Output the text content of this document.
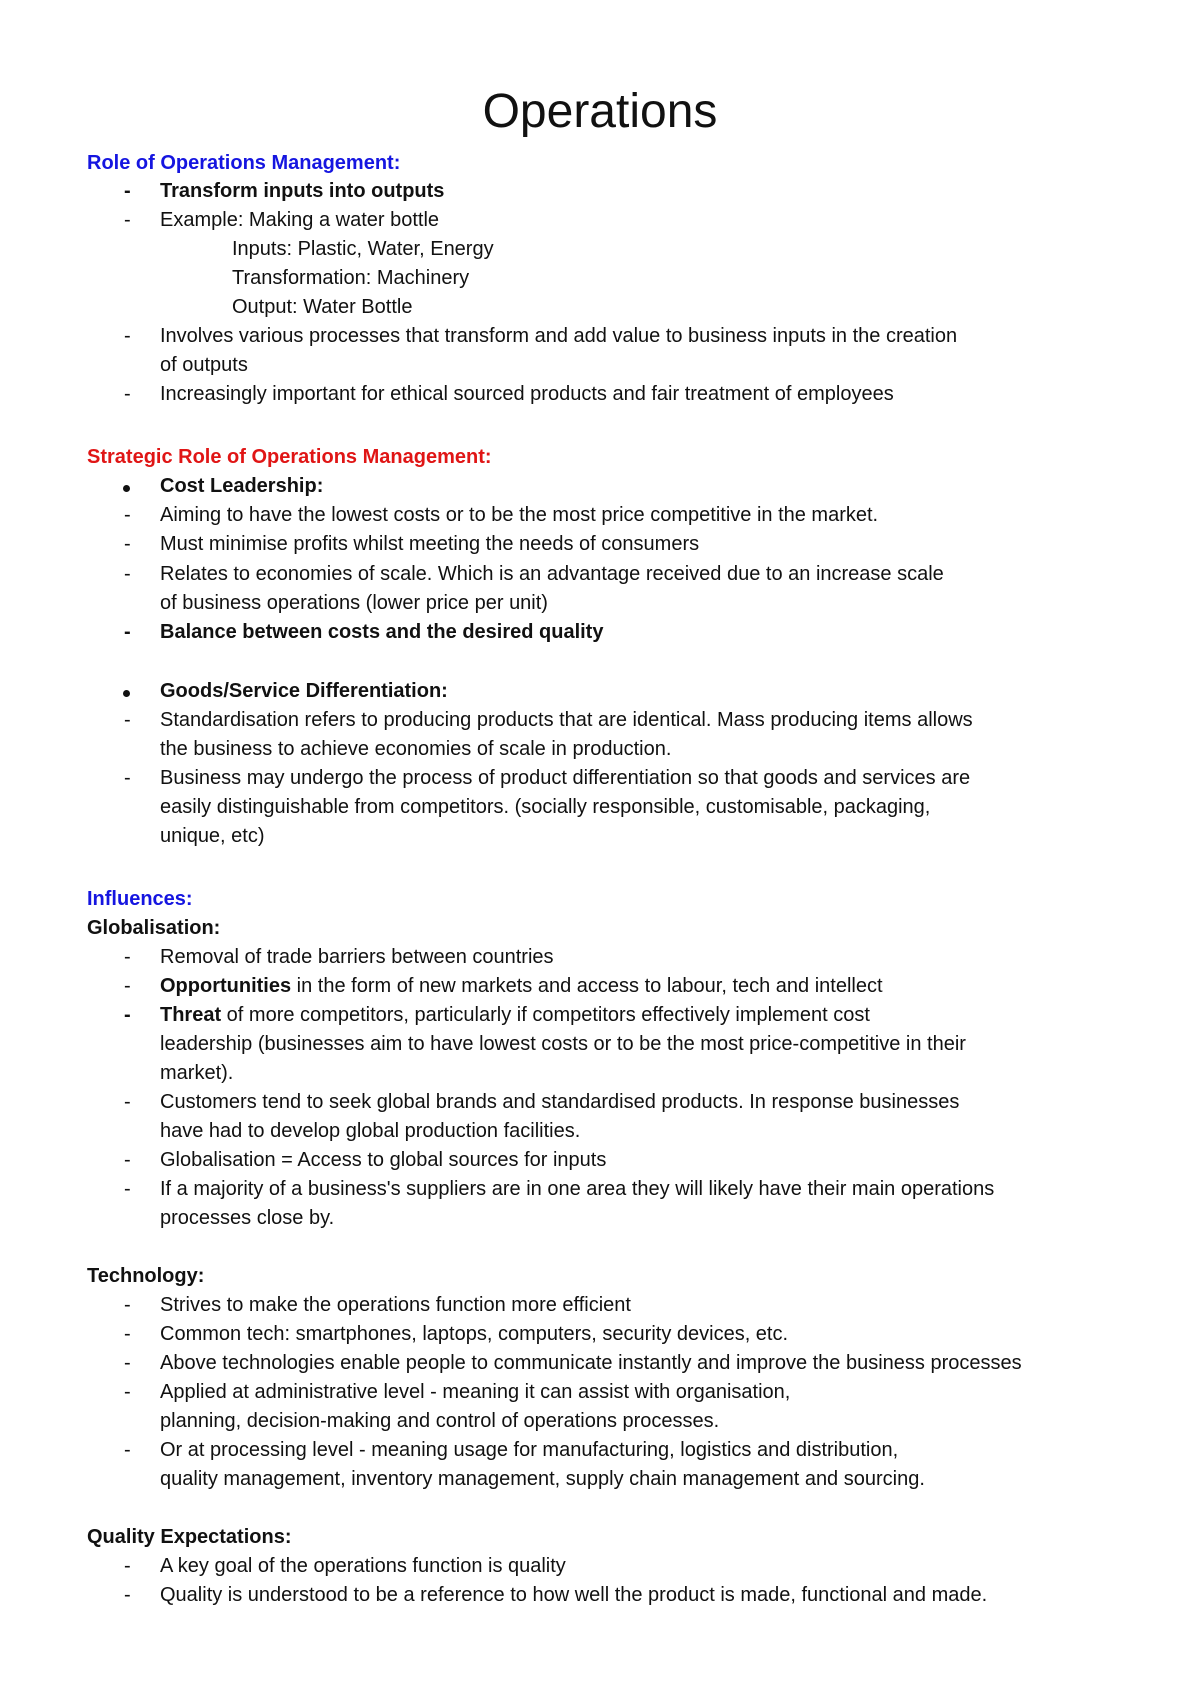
Operations
Role of Operations Management:
- Transform inputs into outputs
- Example: Making a water bottle
Inputs: Plastic, Water, Energy
Transformation: Machinery
Output: Water Bottle
- Involves various processes that transform and add value to business inputs in the creation
of outputs
- Increasingly important for ethical sourced products and fair treatment of employees
Strategic Role of Operations Management:
Cost Leadership:
- Aiming to have the lowest costs or to be the most price competitive in the market.
- Must minimise profits whilst meeting the needs of consumers
- Relates to economies of scale. Which is an advantage received due to an increase scale
of business operations (lower price per unit)
- Balance between costs and the desired quality
Goods/Service Differentiation:
- Standardisation refers to producing products that are identical. Mass producing items allows
the business to achieve economies of scale in production.
- Business may undergo the process of product differentiation so that goods and services are
easily distinguishable from competitors. (socially responsible, customisable, packaging,
unique, etc)
Influences:
Globalisation:
- Removal of trade barriers between countries
- Opportunities in the form of new markets and access to labour, tech and intellect
- Threat of more competitors, particularly if competitors effectively implement cost
leadership (businesses aim to have lowest costs or to be the most price-competitive in their
market).
- Customers tend to seek global brands and standardised products. In response businesses
have had to develop global production facilities.
- Globalisation = Access to global sources for inputs
- If a majority of a business's suppliers are in one area they will likely have their main operations
processes close by.
Technology:
- Strives to make the operations function more efficient
- Common tech: smartphones, laptops, computers, security devices, etc.
- Above technologies enable people to communicate instantly and improve the business processes
- Applied at administrative level - meaning it can assist with organisation,
planning, decision-making and control of operations processes.
- Or at processing level - meaning usage for manufacturing, logistics and distribution,
quality management, inventory management, supply chain management and sourcing.
Quality Expectations:
- A key goal of the operations function is quality
- Quality is understood to be a reference to how well the product is made, functional and made.
